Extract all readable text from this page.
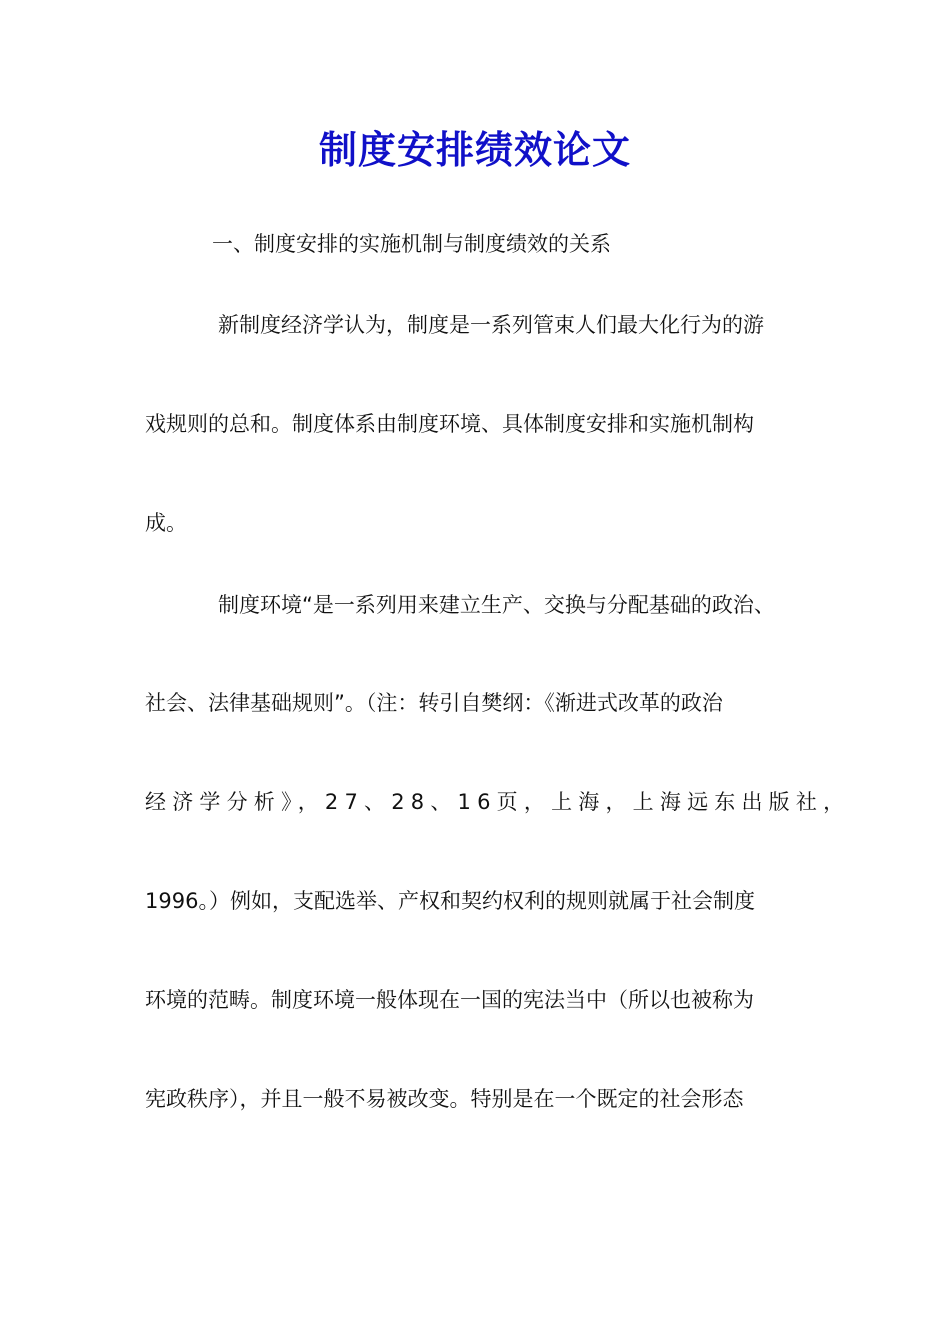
制度安排绩效论文
一、制度安排的实施机制与制度绩效的关系
新制度经济学认为，制度是一系列管束人们最大化行为的游
戏规则的总和。制度体系由制度环境、具体制度安排和实施机制构
成。
制度环境“是一系列用来建立生产、交换与分配基础的政治、
社会、法律基础规则”。（注：转引自樊纲：《渐进式改革的政治
经济学分析》，27、28、16页，上海，上海远东出版社，
1996。）例如，支配选举、产权和契约权利的规则就属于社会制度
环境的范畴。制度环境一般体现在一国的宪法当中（所以也被称为
宪政秩序），并且一般不易被改变。特别是在一个既定的社会形态
